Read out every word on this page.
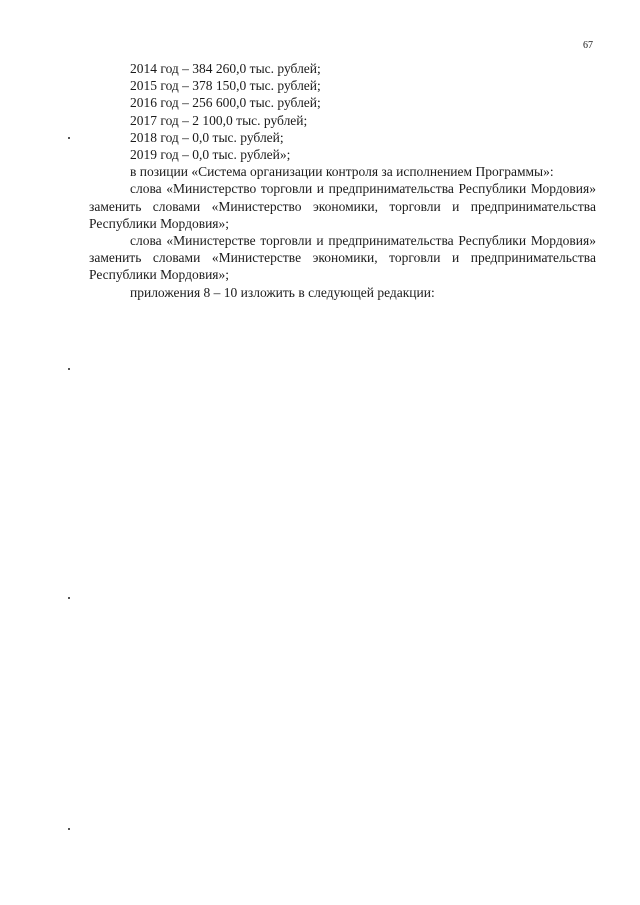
67
2014 год – 384 260,0 тыс. рублей;
2015 год – 378 150,0 тыс. рублей;
2016 год – 256 600,0 тыс. рублей;
2017 год – 2 100,0 тыс. рублей;
2018 год – 0,0 тыс. рублей;
2019 год – 0,0 тыс. рублей»;
в позиции «Система организации контроля за исполнением Программы»:
слова «Министерство торговли и предпринимательства Республики Мордовия» заменить словами «Министерство экономики, торговли и предпринимательства Республики Мордовия»;
слова «Министерстве торговли и предпринимательства Республики Мордовия» заменить словами «Министерстве экономики, торговли и предпринимательства Республики Мордовия»;
приложения 8 – 10 изложить в следующей редакции:
